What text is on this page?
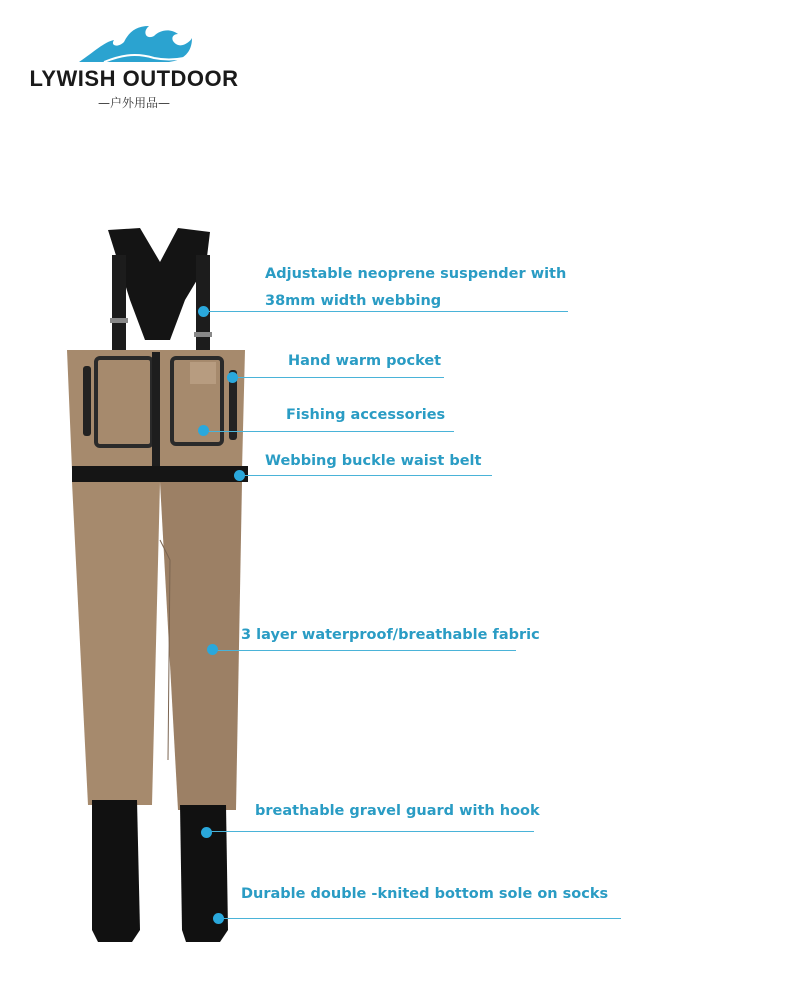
LYWISH OUTDOOR
—户外用品—
Adjustable neoprene suspender with
38mm width webbing
Hand warm pocket
Fishing accessories
Webbing buckle waist belt
3 layer waterproof/breathable fabric
breathable gravel guard with hook
Durable double -knited bottom sole on socks
